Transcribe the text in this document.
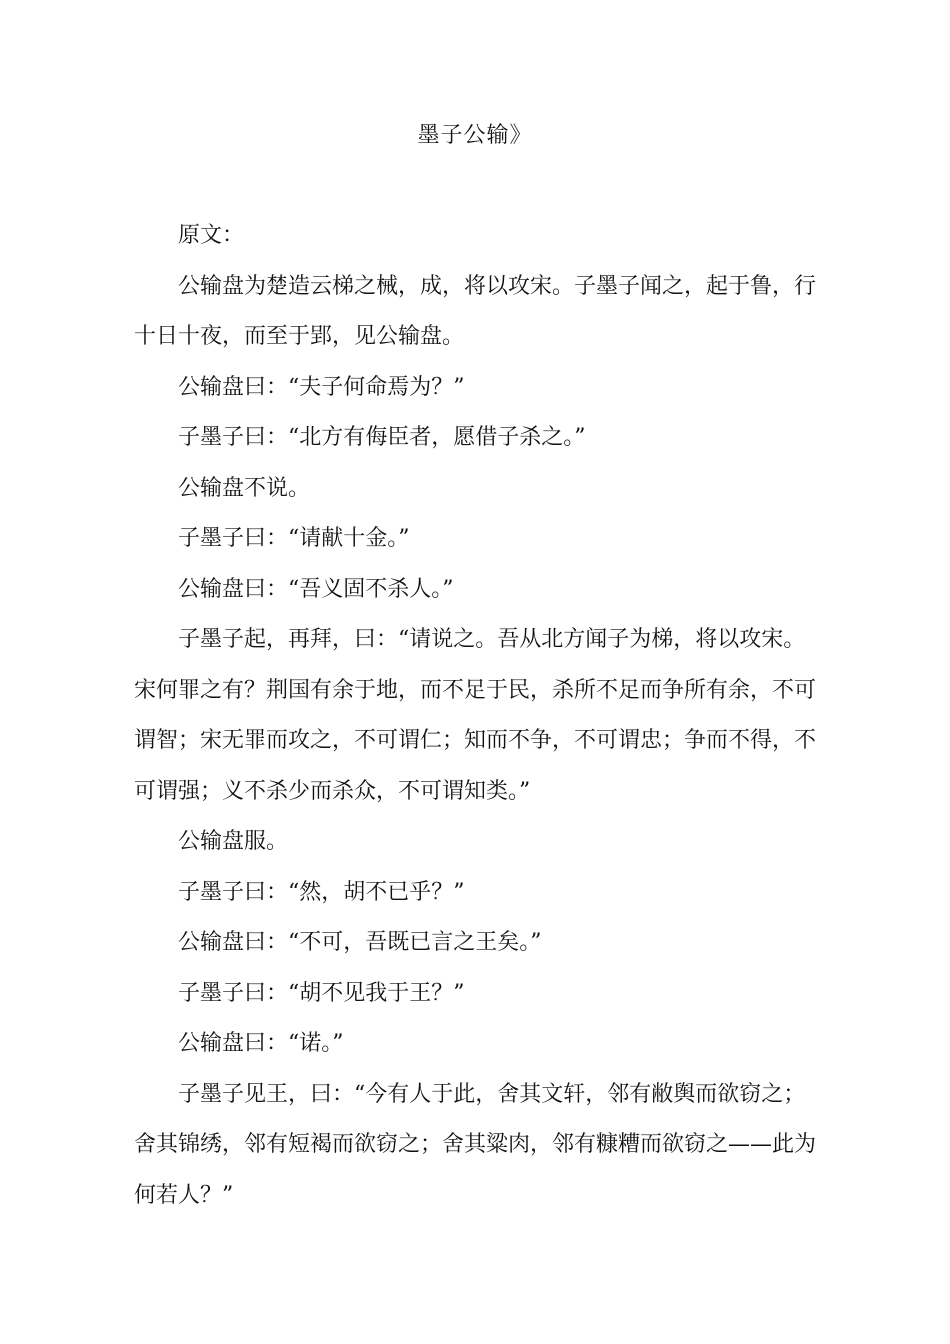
墨子公输》

原文：

公输盘为楚造云梯之械，成，将以攻宋。子墨子闻之，起于鲁，行十日十夜，而至于郢，见公输盘。

公输盘曰：“夫子何命焉为？”

子墨子曰：“北方有侮臣者，愿借子杀之。”

公输盘不说。

子墨子曰：“请献十金。”

公输盘曰：“吾义固不杀人。”

子墨子起，再拜，曰：“请说之。吾从北方闻子为梯，将以攻宋。宋何罪之有？荆国有余于地，而不足于民，杀所不足而争所有余，不可谓智；宋无罪而攻之，不可谓仁；知而不争，不可谓忠；争而不得，不可谓强；义不杀少而杀众，不可谓知类。”

公输盘服。

子墨子曰：“然，胡不已乎？”

公输盘曰：“不可，吾既已言之王矣。”

子墨子曰：“胡不见我于王？”

公输盘曰：“诺。”

子墨子见王，曰：“今有人于此，舍其文轩，邻有敝舆而欲窃之；舍其锦绣，邻有短褐而欲窃之；舍其粱肉，邻有糠糟而欲窃之——此为何若人？”
